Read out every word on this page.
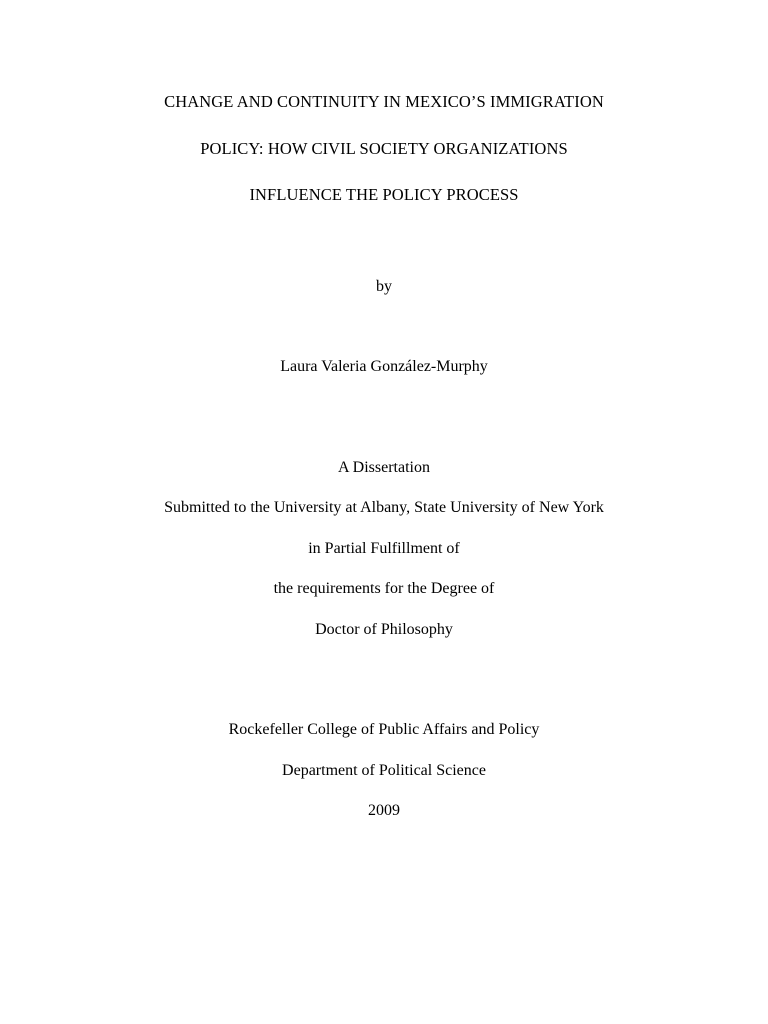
CHANGE AND CONTINUITY IN MEXICO’S IMMIGRATION
POLICY: HOW CIVIL SOCIETY ORGANIZATIONS
INFLUENCE THE POLICY PROCESS
by
Laura Valeria González-Murphy
A Dissertation
Submitted to the University at Albany, State University of New York
in Partial Fulfillment of
the requirements for the Degree of
Doctor of Philosophy
Rockefeller College of Public Affairs and Policy
Department of Political Science
2009
